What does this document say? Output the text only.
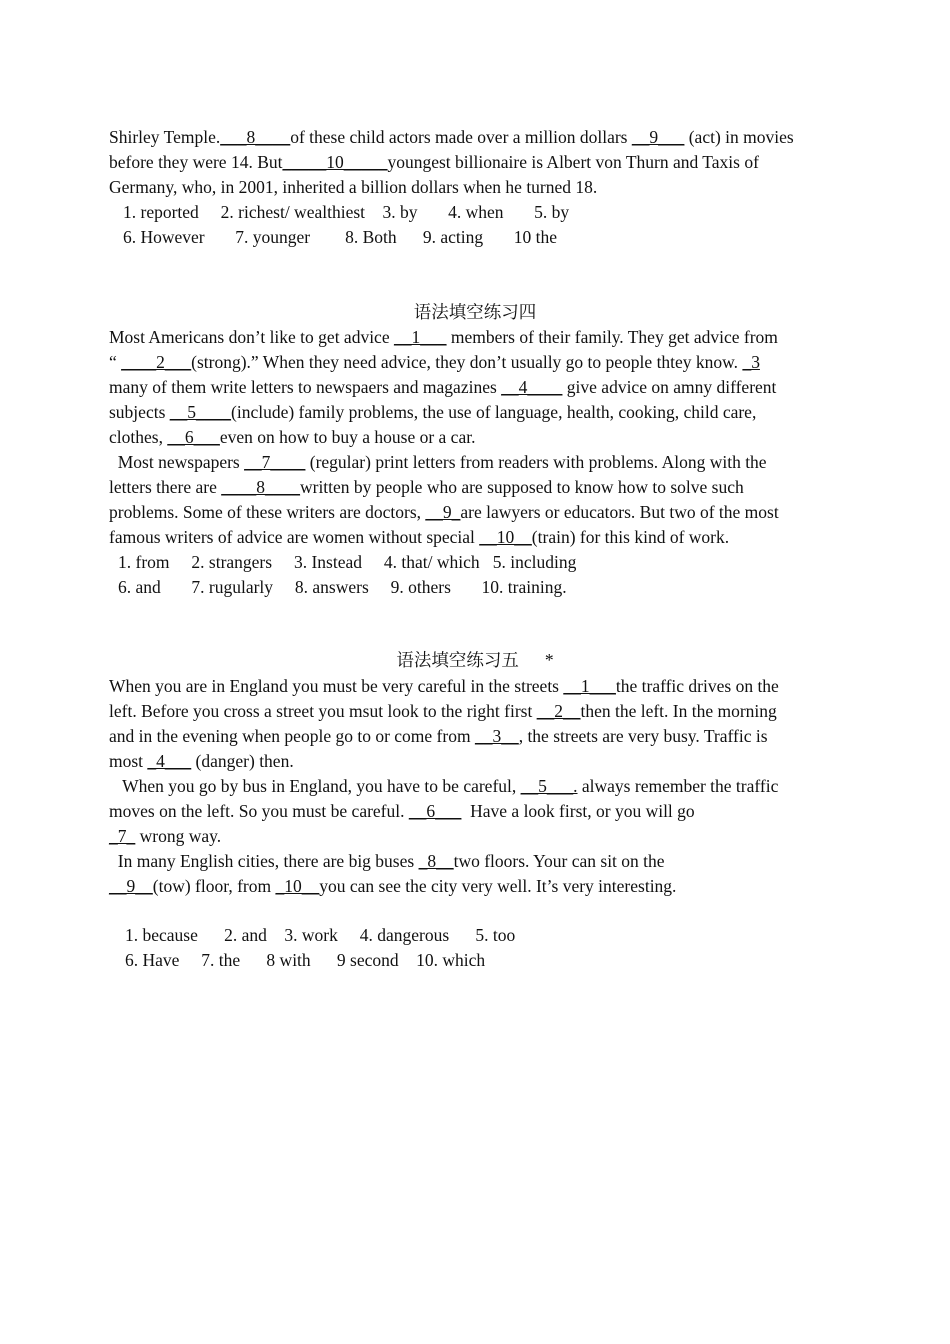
Shirley Temple.___8____of these child actors made over a million dollars __9___ (act) in movies
before they were 14. But_____10_____youngest billionaire is Albert von Thurn and Taxis of
Germany, who, in 2001, inherited a billion dollars when he turned 18.
1. reported     2. richest/ wealthiest    3. by       4. when       5. by
6. However       7. younger        8. Both      9. acting       10 the
语法填空练习四
Most Americans don’t like to get advice __1___ members of their family. They get advice from
“ ____2___(strong).” When they need advice, they don’t usually go to people thtey know. _3
many of them write letters to newspaers and magazines __4____ give advice on amny different
subjects __5____(include) family problems, the use of language, health, cooking, child care,
clothes, __6___even on how to buy a house or a car.
Most newspapers __7____ (regular) print letters from readers with problems. Along with the
letters there are ____8____written by people who are supposed to know how to solve such
problems. Some of these writers are doctors, __9_are lawyers or educators. But two of the most
famous writers of advice are women without special __10__(train) for this kind of work.
1. from     2. strangers     3. Instead     4. that/ which   5. including
6. and       7. rugularly     8. answers     9. others       10. training.
语法填空练习五 *
When you are in England you must be very careful in the streets __1___the traffic drives on the
left. Before you cross a street you msut look to the right first __2__then the left. In the morning
and in the evening when people go to or come from __3__, the streets are very busy. Traffic is
most _4___ (danger) then.
When you go by bus in England, you have to be careful, __5___. always remember the traffic
moves on the left. So you must be careful. __6___  Have a look first, or you will go
_7_ wrong way.
In many English cities, there are big buses _8__two floors. Your can sit on the
__9__(tow) floor, from _10__you can see the city very well. It’s very interesting.
1. because      2. and    3. work     4. dangerous      5. too
6. Have     7. the      8 with      9 second    10. which
